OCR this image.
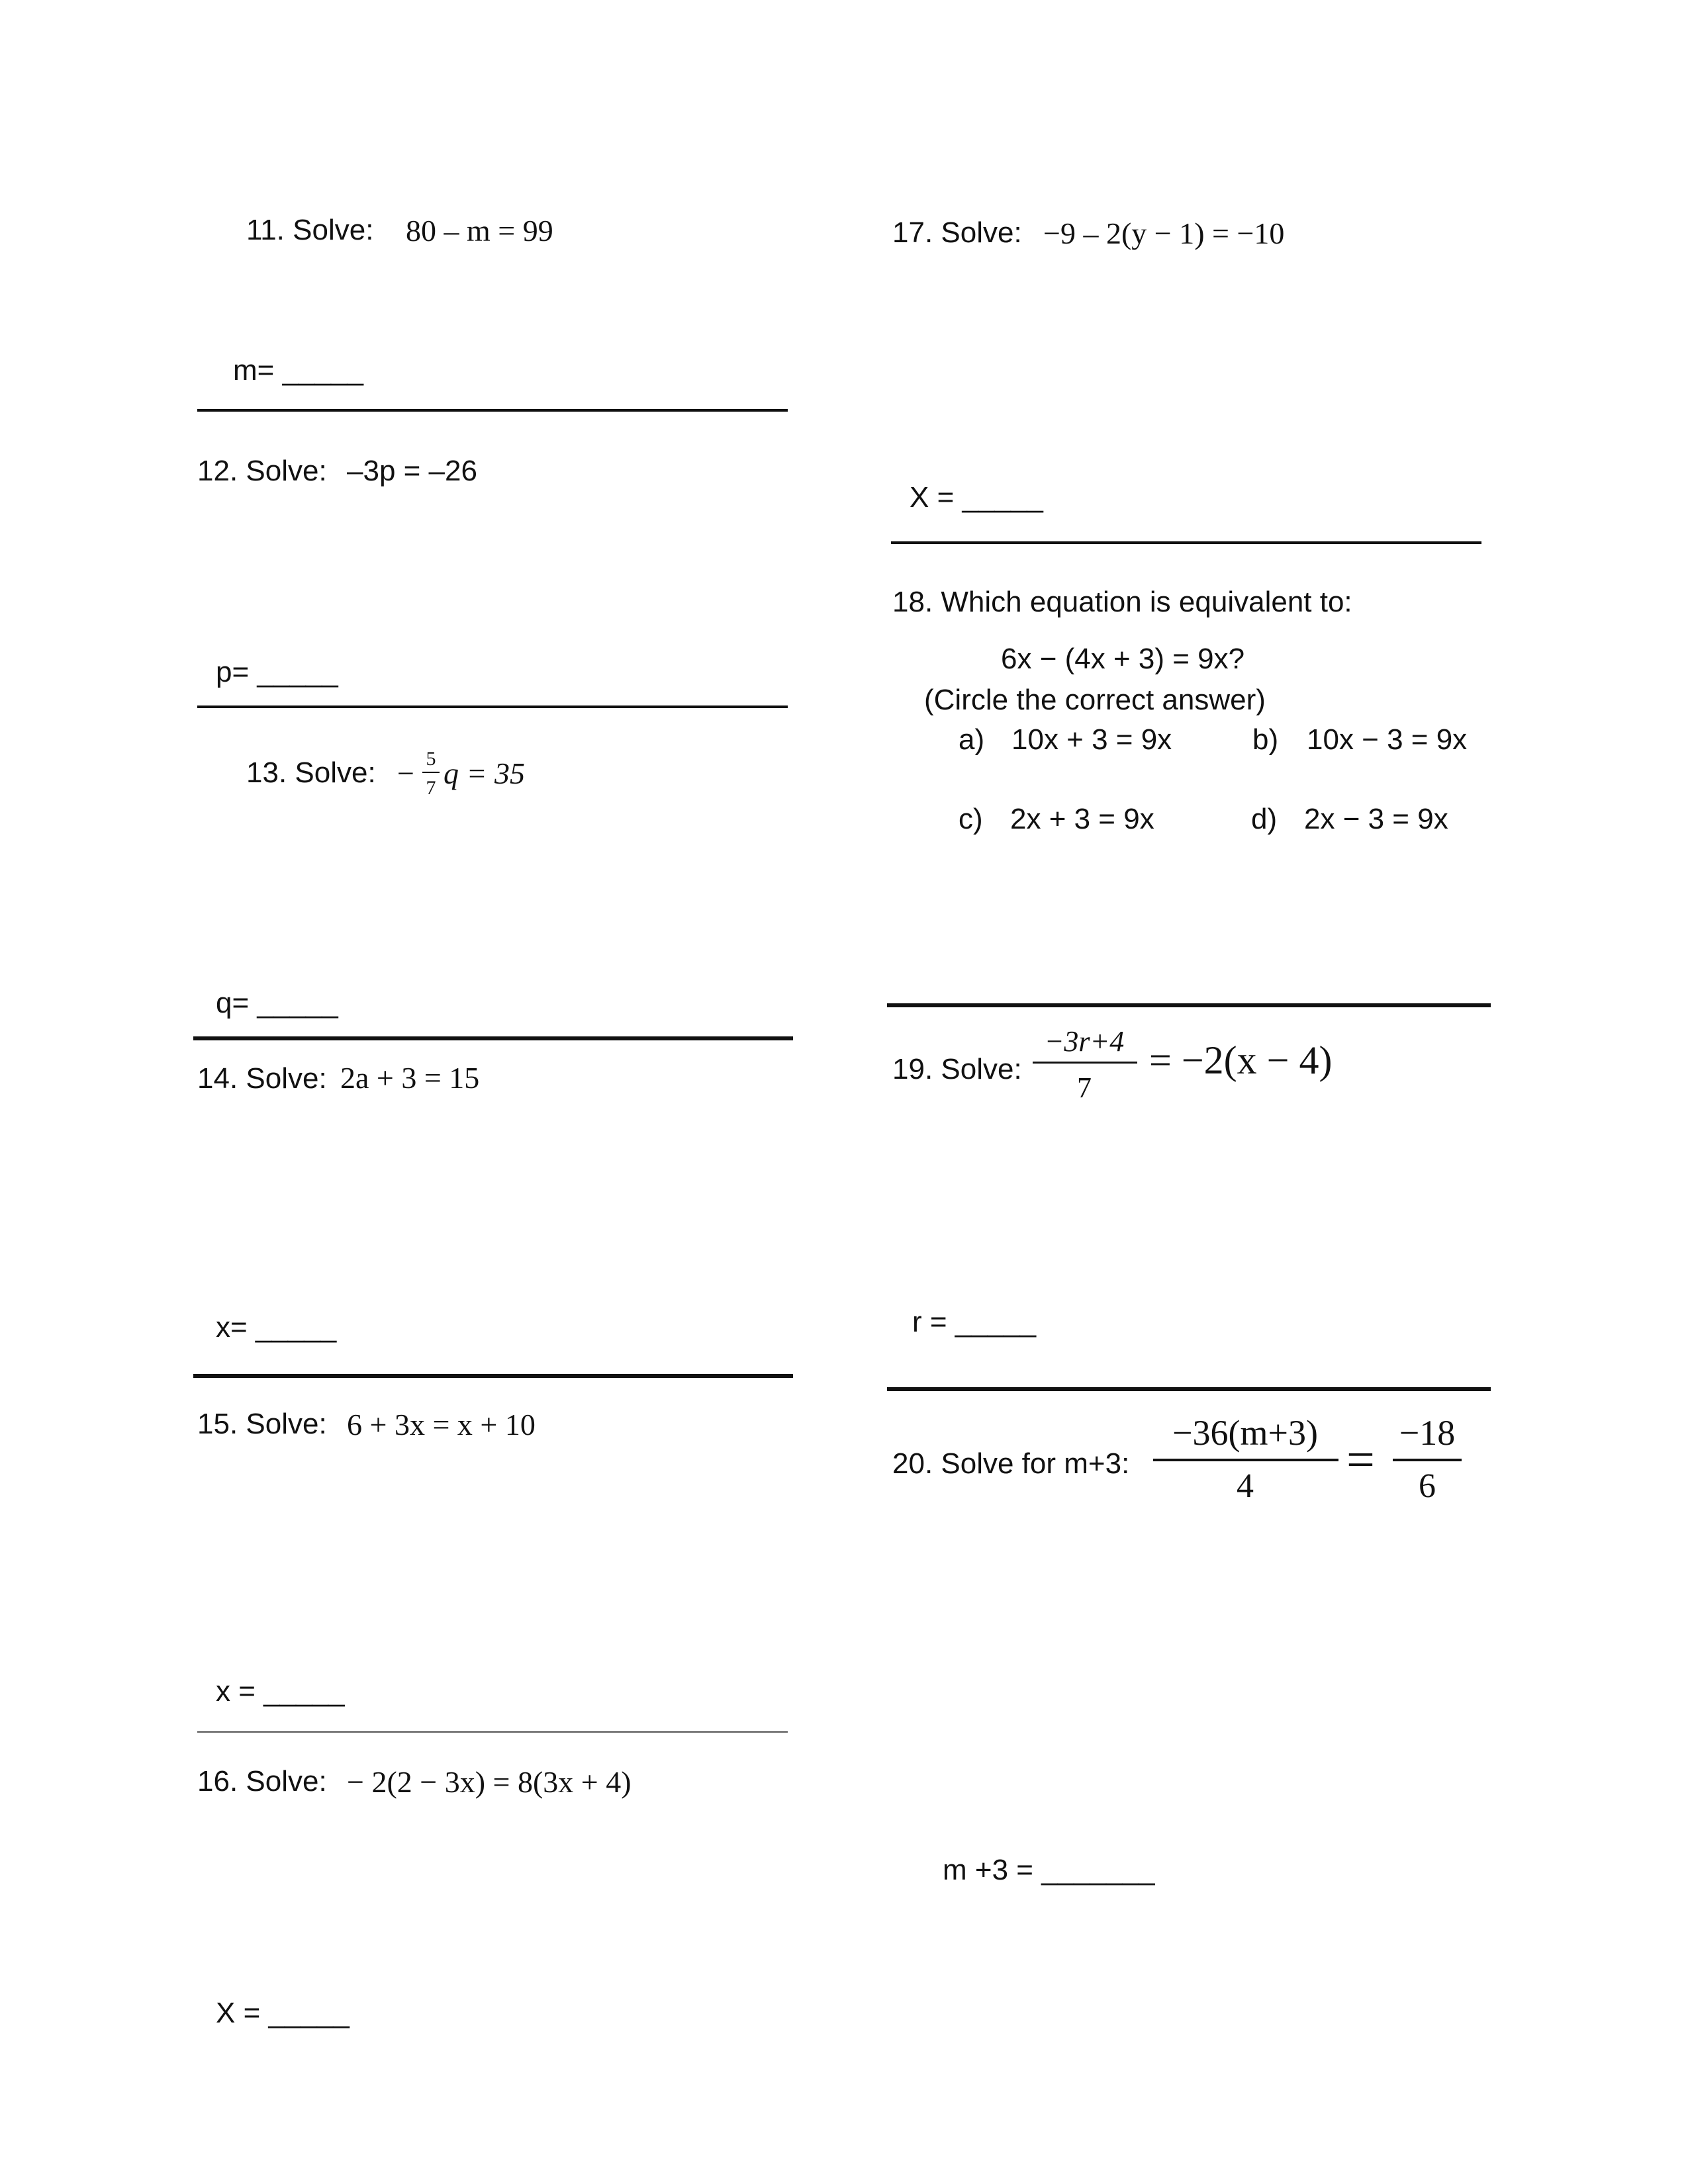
11. Solve: 80 – m = 99
m= _____
12. Solve: –3p = –26
p= _____
13. Solve: − 5
7 q = 35
q= _____
14. Solve: 2a + 3 = 15
x= _____
15. Solve: 6 + 3x = x + 10
x = _____
16. Solve: − 2(2 − 3x) = 8(3x + 4)
X = _____
17. Solve: −9 – 2(y − 1) = −10
X = _____
18. Which equation is equivalent to:
6x − (4x + 3) = 9x?
(Circle the correct answer)
a) 10x + 3 = 9x	b) 10x − 3 = 9x
c) 2x + 3 = 9x	d) 2x − 3 = 9x
19. Solve:
−3r+4
7
= −2(x − 4)
r = _____
20. Solve for m+3:
−36(m+3)
4	= −18
6
m +3 = _______
